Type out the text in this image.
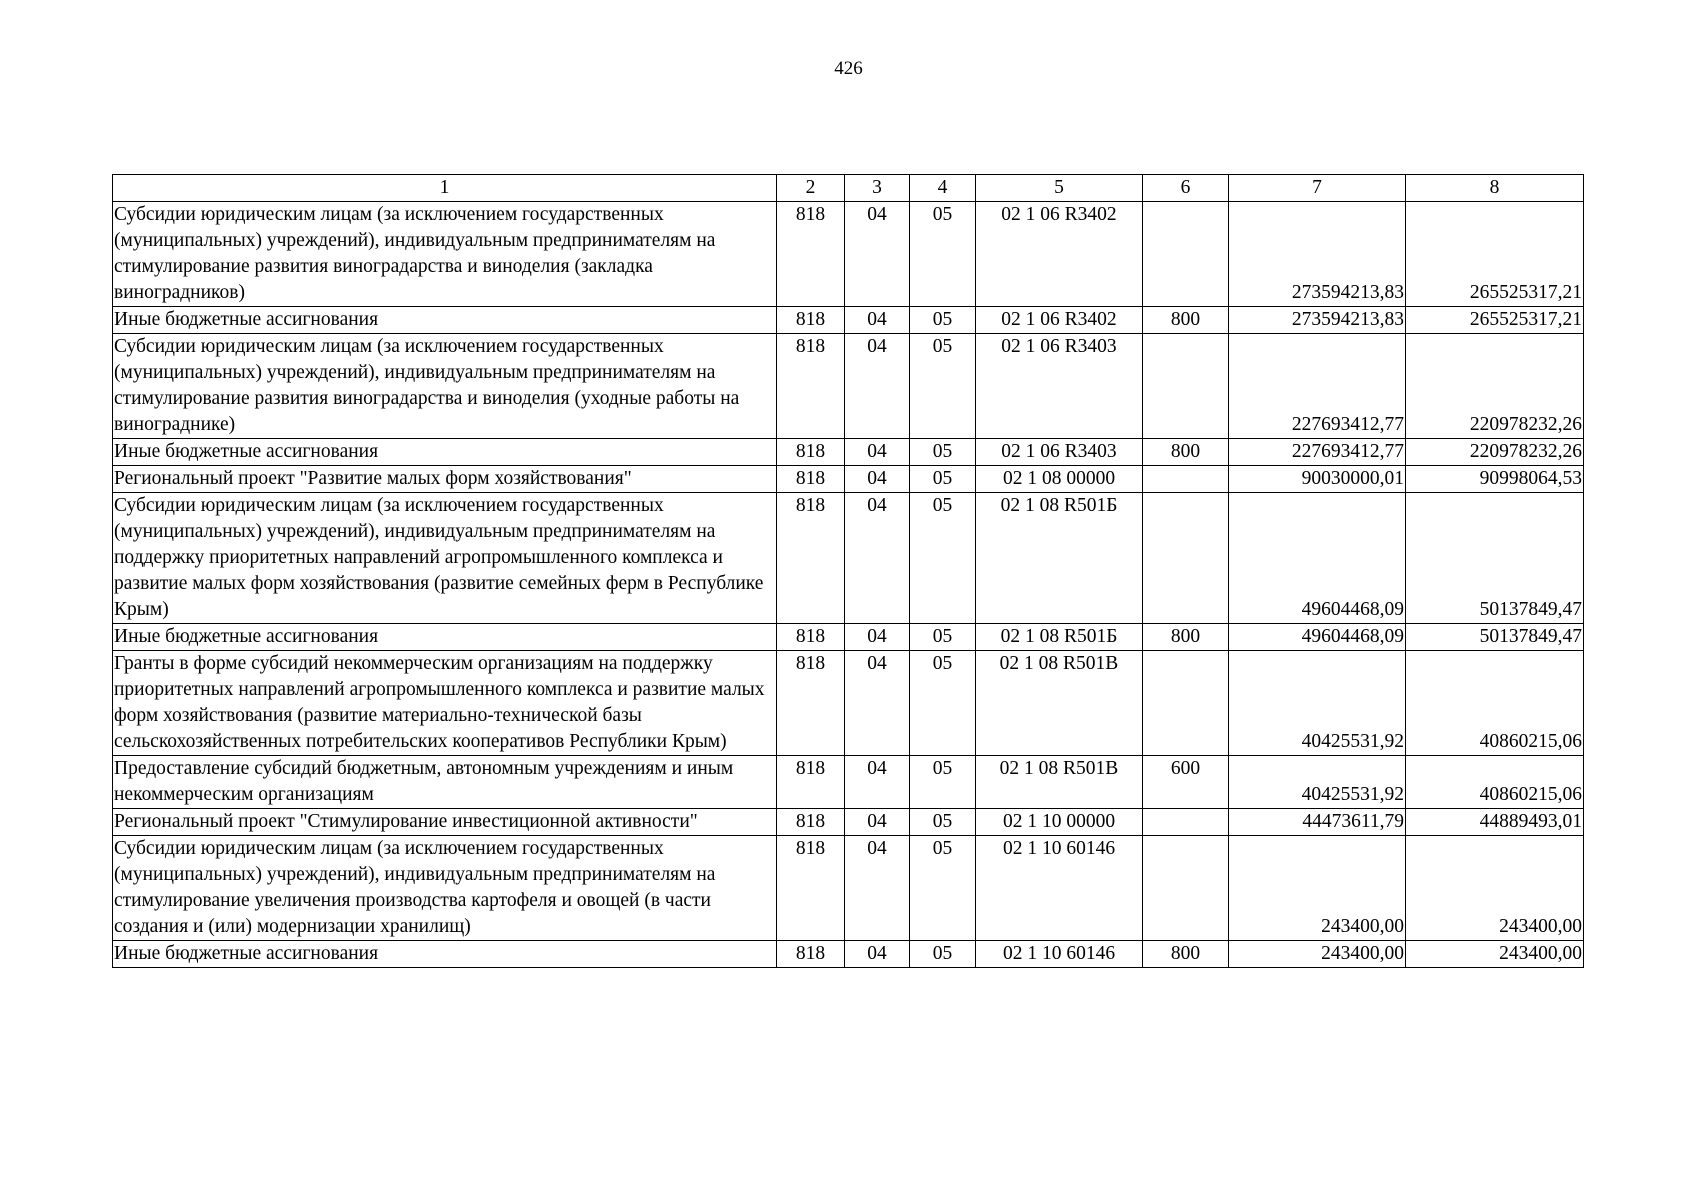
426
1	2	3	4	5	6	7	8
Субсидии юридическим лицам (за исключением государственных (муниципальных) учреждений), индивидуальным предпринимателям на стимулирование развития виноградарства и виноделия (закладка виноградников)	818	04	05	02 1 06 R3402		273594213,83	265525317,21
Иные бюджетные ассигнования	818	04	05	02 1 06 R3402	800	273594213,83	265525317,21
Субсидии юридическим лицам (за исключением государственных (муниципальных) учреждений), индивидуальным предпринимателям на стимулирование развития виноградарства и виноделия (уходные работы на винограднике)	818	04	05	02 1 06 R3403		227693412,77	220978232,26
Иные бюджетные ассигнования	818	04	05	02 1 06 R3403	800	227693412,77	220978232,26
Региональный проект "Развитие малых форм хозяйствования"	818	04	05	02 1 08 00000		90030000,01	90998064,53
Субсидии юридическим лицам (за исключением государственных (муниципальных) учреждений), индивидуальным предпринимателям на поддержку приоритетных направлений агропромышленного комплекса и развитие малых форм хозяйствования (развитие семейных ферм в Республике Крым)	818	04	05	02 1 08 R501Б		49604468,09	50137849,47
Иные бюджетные ассигнования	818	04	05	02 1 08 R501Б	800	49604468,09	50137849,47
Гранты в форме субсидий некоммерческим организациям на поддержку приоритетных направлений агропромышленного комплекса и развитие малых форм хозяйствования (развитие материально-технической базы сельскохозяйственных потребительских кооперативов Республики Крым)	818	04	05	02 1 08 R501В		40425531,92	40860215,06
Предоставление субсидий бюджетным, автономным учреждениям и иным некоммерческим организациям	818	04	05	02 1 08 R501В	600	40425531,92	40860215,06
Региональный проект "Стимулирование инвестиционной активности"	818	04	05	02 1 10 00000		44473611,79	44889493,01
Субсидии юридическим лицам (за исключением государственных (муниципальных) учреждений), индивидуальным предпринимателям на стимулирование увеличения производства картофеля и овощей (в части создания и (или) модернизации хранилищ)	818	04	05	02 1 10 60146		243400,00	243400,00
Иные бюджетные ассигнования	818	04	05	02 1 10 60146	800	243400,00	243400,00
